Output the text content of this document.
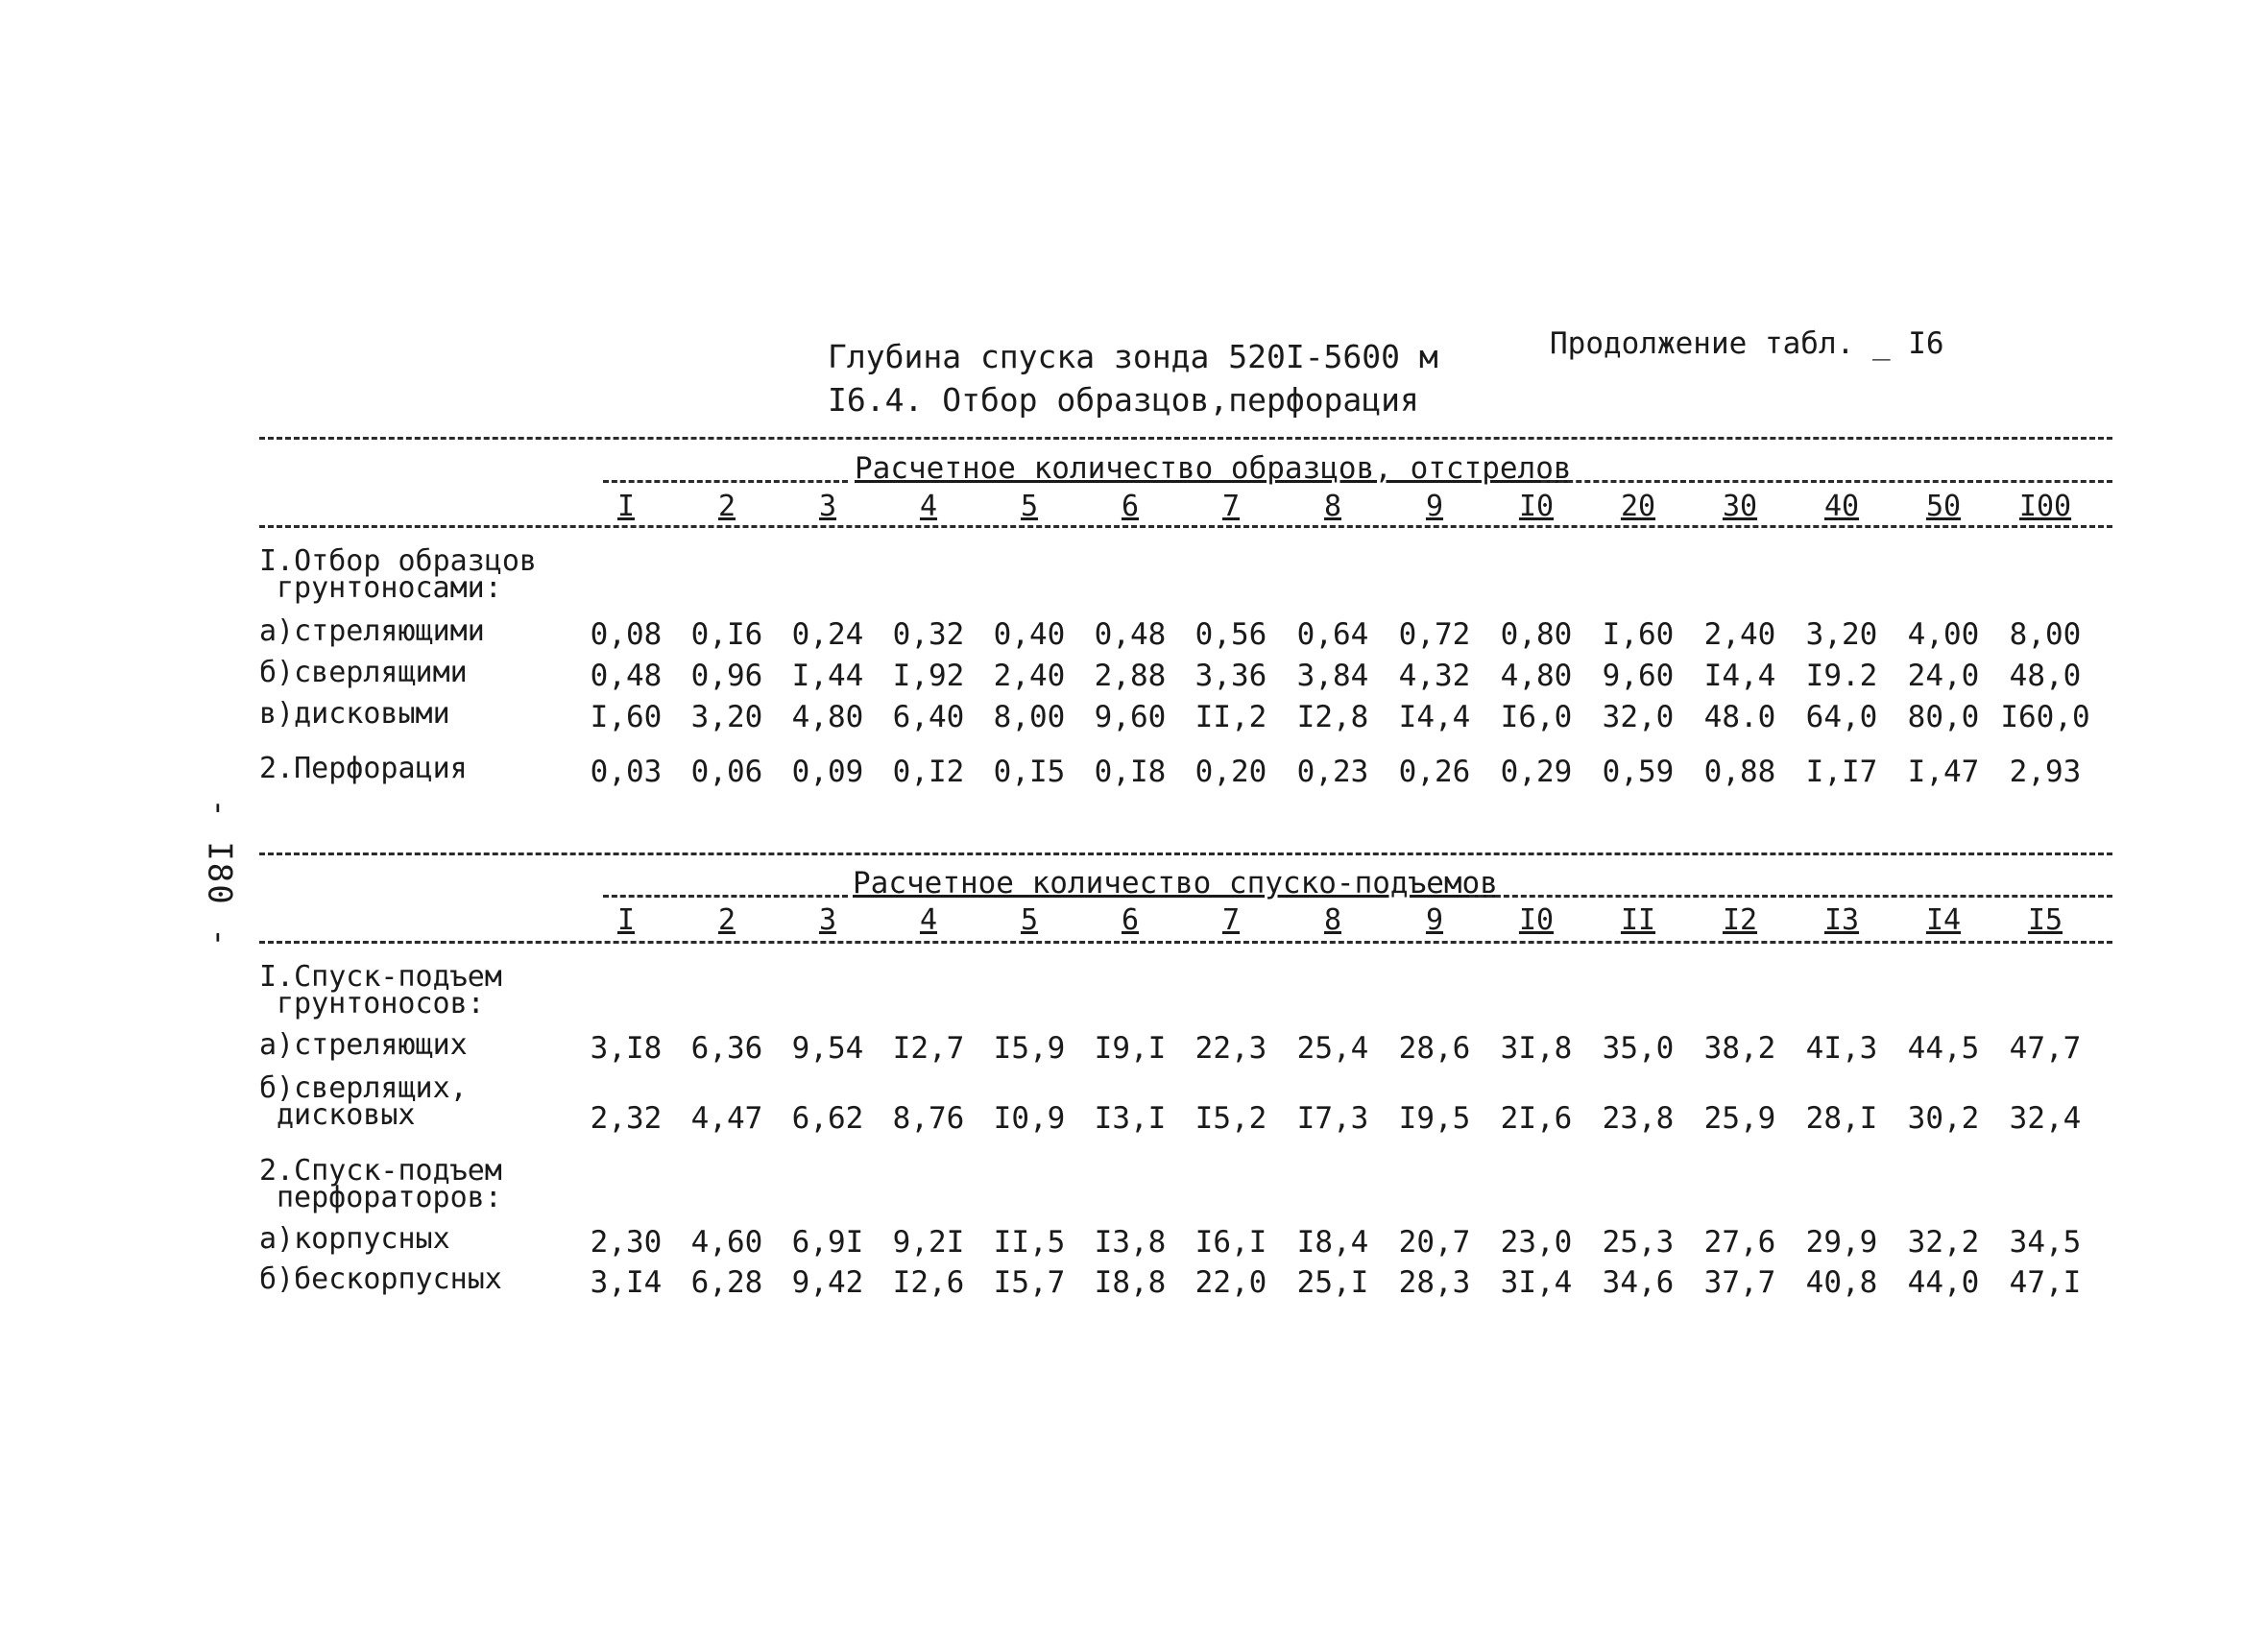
Глубина спуска зонда 520I-5600 м
I6.4. Отбор образцов,перфорация
Продолжение табл. _ I6
- I80 -
Расчетное количество образцов, отстрелов
I	2	3	4	5	6	7	8	9	I0	20	30	40	50	I00
I.Отбор образцов
грунтоноcами:
а)стреляющими	0,08 0,I6 0,24 0,32 0,40 0,48 0,56	0,64	0,72	0,80	I,60	2,40	3,20	4,00	8,00
б)сверлящими	0,48 0,96 I,44 I,92 2,40 2,88 3,36	3,84	4,32	4,80	9,60	I4,4	I9.2	24,0	48,0
в)дисковыми	I,60 3,20 4,80 6,40 8,00 9,60 II,2	I2,8	I4,4	I6,0	32,0	48.0	64,0	80,0 I60,0
2.Перфорация	0,03 0,06 0,09 0,I2 0,I5 0,I8 0,20	0,23	0,26	0,29	0,59	0,88	I,I7	I,47	2,93
Расчетное количество спуско-подъемов
I	2	3	4	5	6	7	8	9	I0	II	I2	I3	I4	I5
I.Спуск-подъем
грунтоносов:
а)стреляющих	3,I8 6,36 9,54 I2,7 I5,9 I9,I 22,3	25,4	28,6	3I,8	35,0	38,2	4I,3	44,5	47,7
б)сверлящих,
дисковых	2,32 4,47 6,62 8,76 I0,9 I3,I I5,2	I7,3	I9,5	2I,6	23,8	25,9	28,I	30,2	32,4
2.Спуск-подъем
перфораторов:
а)корпусных	2,30 4,60 6,9I 9,2I II,5 I3,8 I6,I	I8,4	20,7	23,0	25,3	27,6	29,9	32,2	34,5
б)бескорпусных	3,I4 6,28 9,42 I2,6 I5,7 I8,8 22,0	25,I	28,3	3I,4	34,6	37,7	40,8	44,0	47,I
